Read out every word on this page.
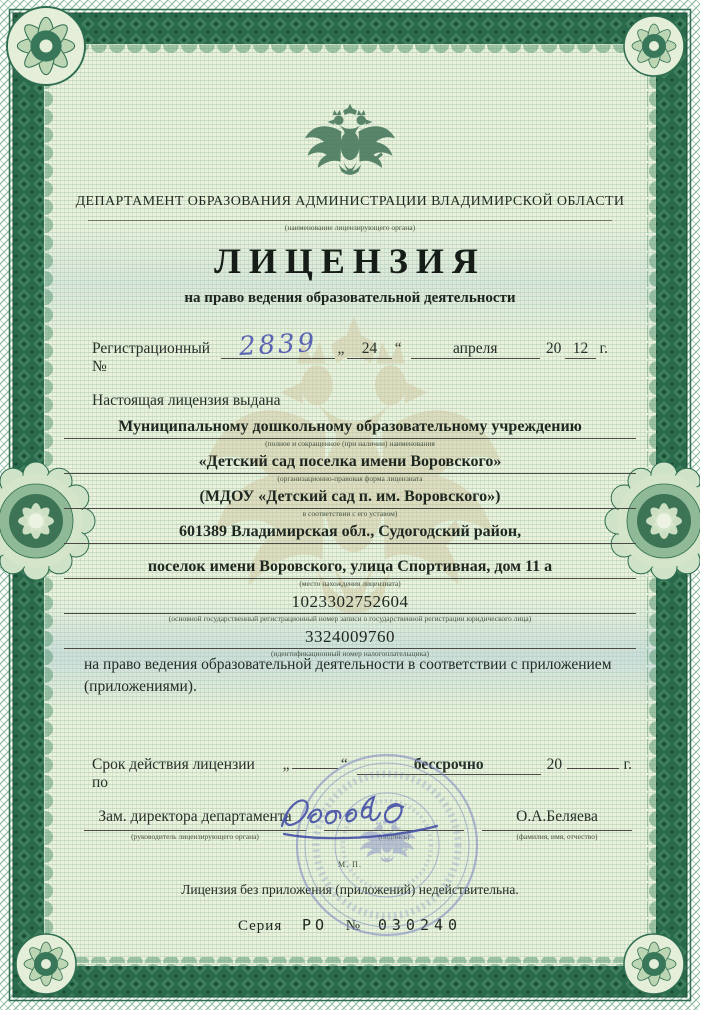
ДЕПАРТАМЕНТ ОБРАЗОВАНИЯ АДМИНИСТРАЦИИ ВЛАДИМИРСКОЙ ОБЛАСТИ
(наименование лицензирующего органа)
ЛИЦЕНЗИЯ
на право ведения образовательной деятельности
Регистрационный №
2839	„	24	“	апреля	20 12 г.
Настоящая лицензия выдана
Муниципальному дошкольному образовательному учреждению
(полное и сокращенное (при наличии) наименования
«Детский сад поселка имени Воровского»
(организационно-правовая форма лицензиата
(МДОУ «Детский сад п. им. Воровского»)
в соответствии с его уставом)
601389 Владимирская обл., Судогодский район,
поселок имени Воровского, улица Спортивная, дом 11 а
(место нахождения лицензиата)
1023302752604
(основной государственный регистрационный номер записи о государственной регистрации юридического лица)
3324009760
(идентификационный номер налогоплательщика)
на право ведения образовательной деятельности в соответствии с приложением (приложениями).
Срок действия лицензии по
„	“	бессрочно	20	г.
Зам. директора департамента
(руководитель лицензирующего органа)	(подпись)
О.А.Беляева
(фамилия, имя, отчество)
М. П.
Лицензия без приложения (приложений) недействительна.
Серия РО № 030240
